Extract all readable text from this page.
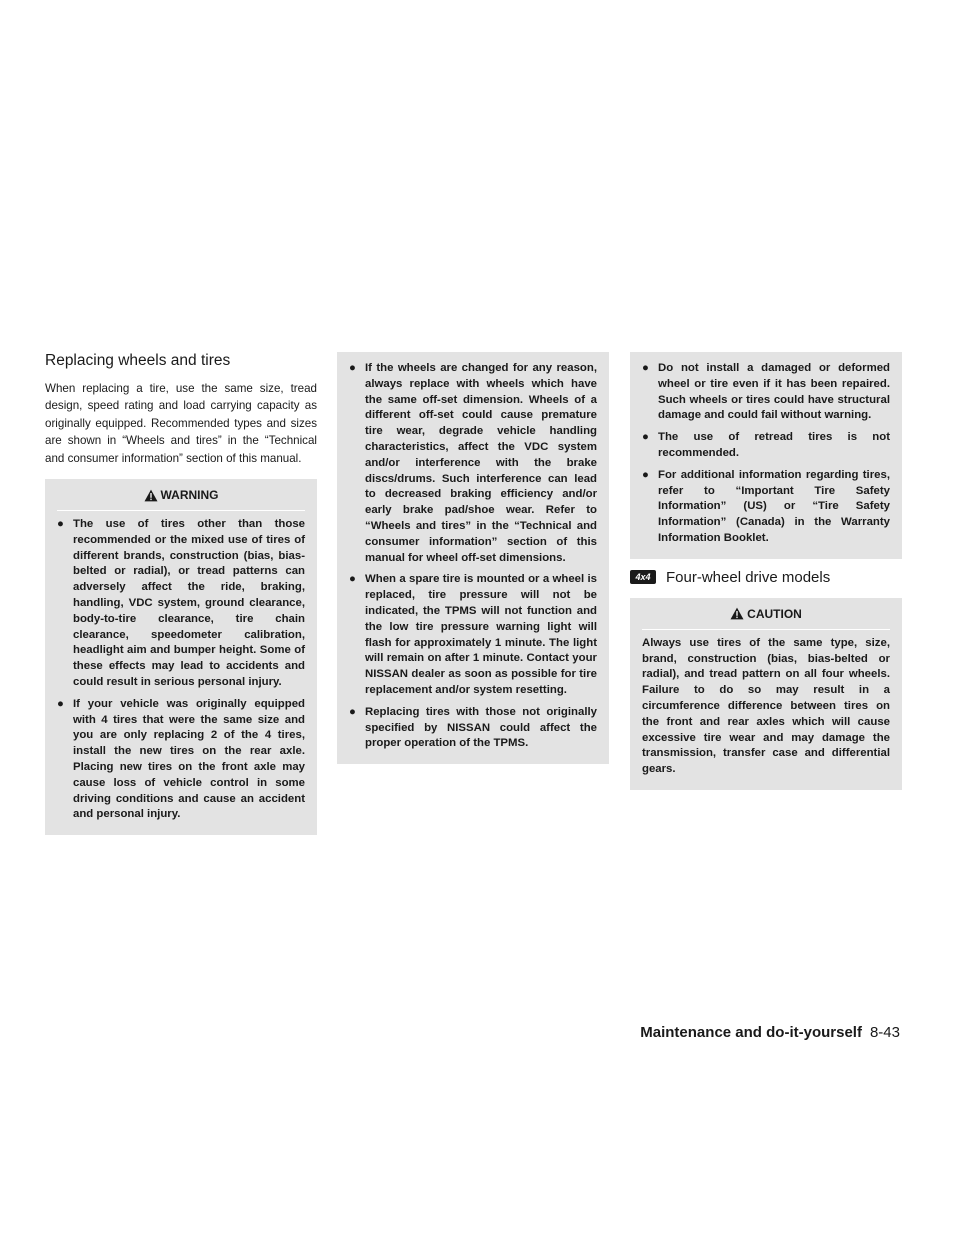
Replacing wheels and tires

When replacing a tire, use the same size, tread design, speed rating and load carrying capacity as originally equipped. Recommended types and sizes are shown in “Wheels and tires” in the “Technical and consumer information” section of this manual.

WARNING
● The use of tires other than those recommended or the mixed use of tires of different brands, construction (bias, bias-belted or radial), or tread patterns can adversely affect the ride, braking, handling, VDC system, ground clearance, body-to-tire clearance, tire chain clearance, speedometer calibration, headlight aim and bumper height. Some of these effects may lead to accidents and could result in serious personal injury.
● If your vehicle was originally equipped with 4 tires that were the same size and you are only replacing 2 of the 4 tires, install the new tires on the rear axle. Placing new tires on the front axle may cause loss of vehicle control in some driving conditions and cause an accident and personal injury.
● If the wheels are changed for any reason, always replace with wheels which have the same off-set dimension. Wheels of a different off-set could cause premature tire wear, degrade vehicle handling characteristics, affect the VDC system and/or interference with the brake discs/drums. Such interference can lead to decreased braking efficiency and/or early brake pad/shoe wear. Refer to “Wheels and tires” in the “Technical and consumer information” section of this manual for wheel off-set dimensions.
● When a spare tire is mounted or a wheel is replaced, tire pressure will not be indicated, the TPMS will not function and the low tire pressure warning light will flash for approximately 1 minute. The light will remain on after 1 minute. Contact your NISSAN dealer as soon as possible for tire replacement and/or system resetting.
● Replacing tires with those not originally specified by NISSAN could affect the proper operation of the TPMS.
● Do not install a damaged or deformed wheel or tire even if it has been repaired. Such wheels or tires could have structural damage and could fail without warning.
● The use of retread tires is not recommended.
● For additional information regarding tires, refer to “Important Tire Safety Information” (US) or “Tire Safety Information” (Canada) in the Warranty Information Booklet.
4x4	Four-wheel drive models
CAUTION

Always use tires of the same type, size, brand, construction (bias, bias-belted or radial), and tread pattern on all four wheels. Failure to do so may result in a circumference difference between tires on the front and rear axles which will cause excessive tire wear and may damage the transmission, transfer case and differential gears.

Maintenance and do-it-yourself 8-43
